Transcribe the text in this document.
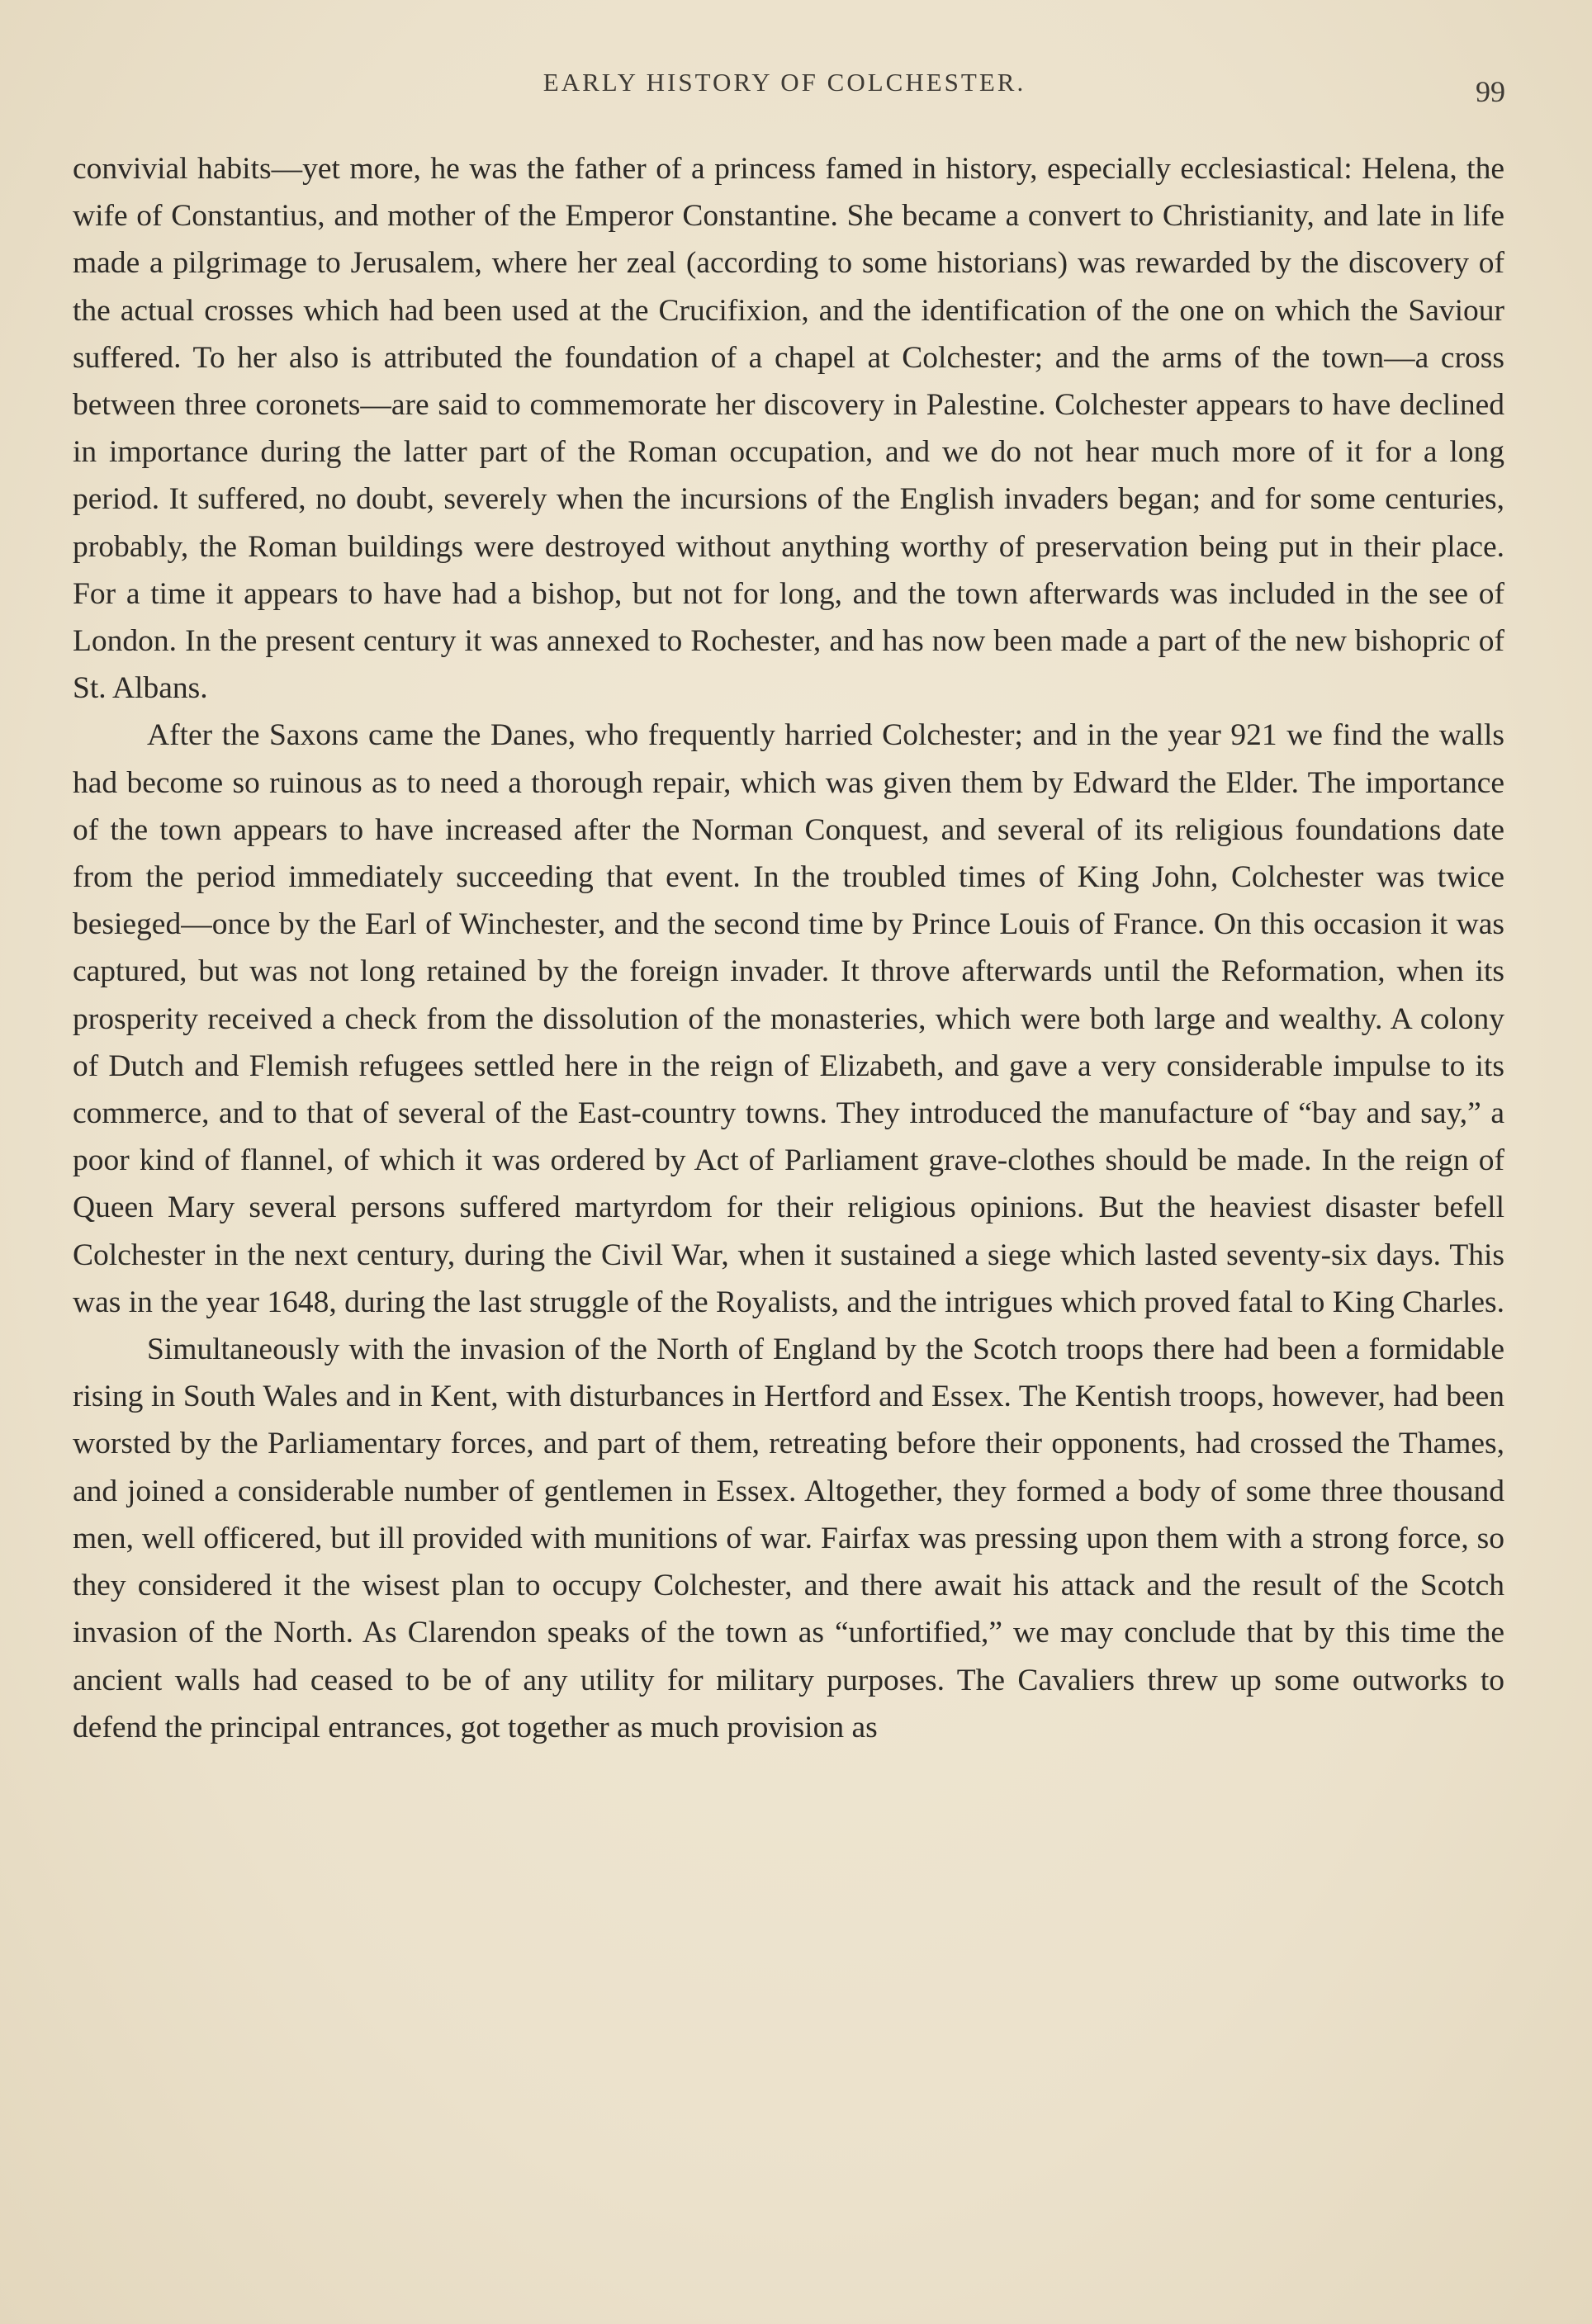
EARLY HISTORY OF COLCHESTER.	99

convivial habits—yet more, he was the father of a princess famed in history, especially ecclesiastical: Helena, the wife of Constantius, and mother of the Emperor Constantine. She became a convert to Christianity, and late in life made a pilgrimage to Jerusalem, where her zeal (according to some historians) was rewarded by the discovery of the actual crosses which had been used at the Crucifixion, and the identification of the one on which the Saviour suffered. To her also is attributed the foundation of a chapel at Colchester; and the arms of the town—a cross between three coronets—are said to commemorate her discovery in Palestine. Colchester appears to have declined in importance during the latter part of the Roman occupation, and we do not hear much more of it for a long period. It suffered, no doubt, severely when the incursions of the English invaders began; and for some centuries, probably, the Roman buildings were destroyed without anything worthy of preservation being put in their place. For a time it appears to have had a bishop, but not for long, and the town afterwards was included in the see of London. In the present century it was annexed to Rochester, and has now been made a part of the new bishopric of St. Albans.

After the Saxons came the Danes, who frequently harried Colchester; and in the year 921 we find the walls had become so ruinous as to need a thorough repair, which was given them by Edward the Elder. The importance of the town appears to have increased after the Norman Conquest, and several of its religious foundations date from the period immediately succeeding that event. In the troubled times of King John, Colchester was twice besieged—once by the Earl of Winchester, and the second time by Prince Louis of France. On this occasion it was captured, but was not long retained by the foreign invader. It throve afterwards until the Reformation, when its prosperity received a check from the dissolution of the monasteries, which were both large and wealthy. A colony of Dutch and Flemish refugees settled here in the reign of Elizabeth, and gave a very considerable impulse to its commerce, and to that of several of the East-country towns. They introduced the manufacture of “bay and say,” a poor kind of flannel, of which it was ordered by Act of Parliament grave-clothes should be made. In the reign of Queen Mary several persons suffered martyrdom for their religious opinions. But the heaviest disaster befell Colchester in the next century, during the Civil War, when it sustained a siege which lasted seventy-six days. This was in the year 1648, during the last struggle of the Royalists, and the intrigues which proved fatal to King Charles.

Simultaneously with the invasion of the North of England by the Scotch troops there had been a formidable rising in South Wales and in Kent, with disturbances in Hertford and Essex. The Kentish troops, however, had been worsted by the Parliamentary forces, and part of them, retreating before their opponents, had crossed the Thames, and joined a considerable number of gentlemen in Essex. Altogether, they formed a body of some three thousand men, well officered, but ill provided with munitions of war. Fairfax was pressing upon them with a strong force, so they considered it the wisest plan to occupy Colchester, and there await his attack and the result of the Scotch invasion of the North. As Clarendon speaks of the town as “unfortified,” we may conclude that by this time the ancient walls had ceased to be of any utility for military purposes. The Cavaliers threw up some outworks to defend the principal entrances, got together as much provision as
